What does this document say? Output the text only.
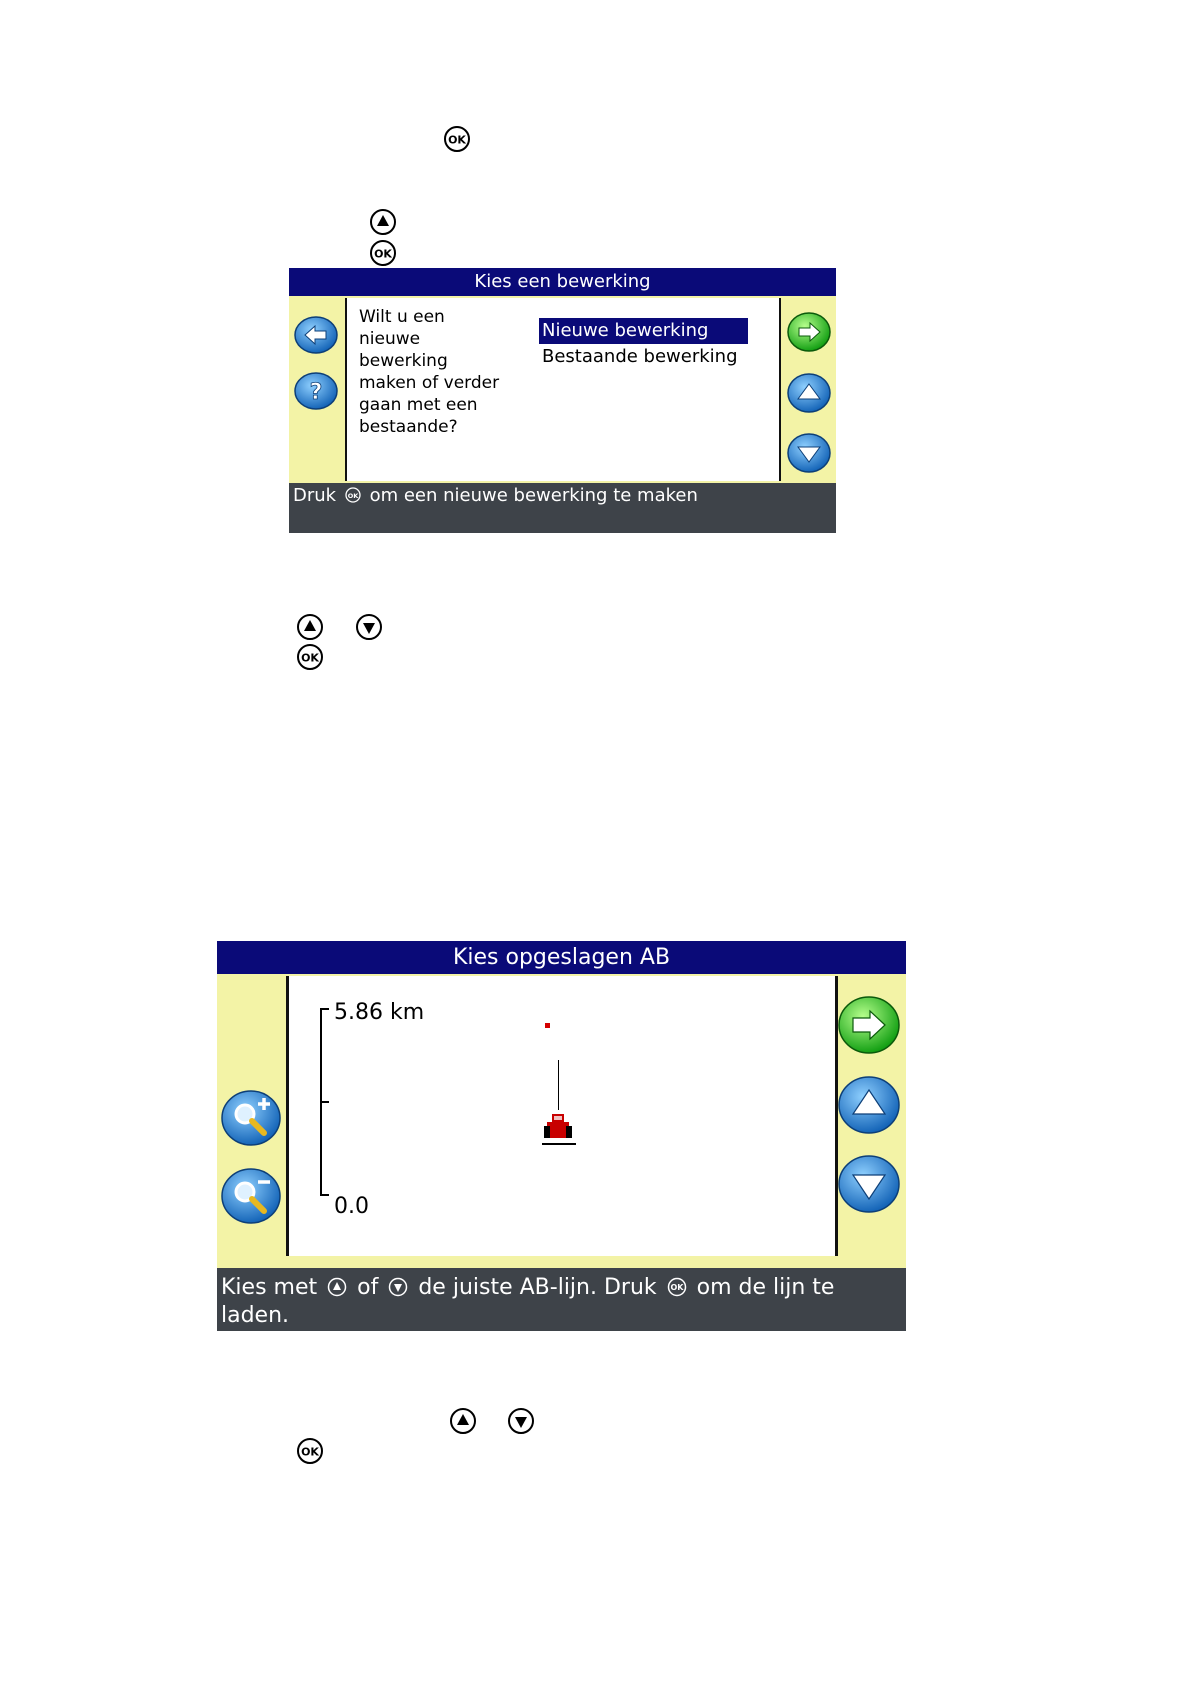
OK
OK
OK
OK
Kies een bewerking
?
Wilt u een
nieuwe
bewerking
maken of verder
gaan met een
bestaande?
Nieuwe bewerking
Bestaande bewerking
Druk OK om een nieuwe bewerking te maken
Kies opgeslagen AB
5.86 km
0.0
Kies met of de juiste AB-lijn. Druk OK om de lijn te laden.
